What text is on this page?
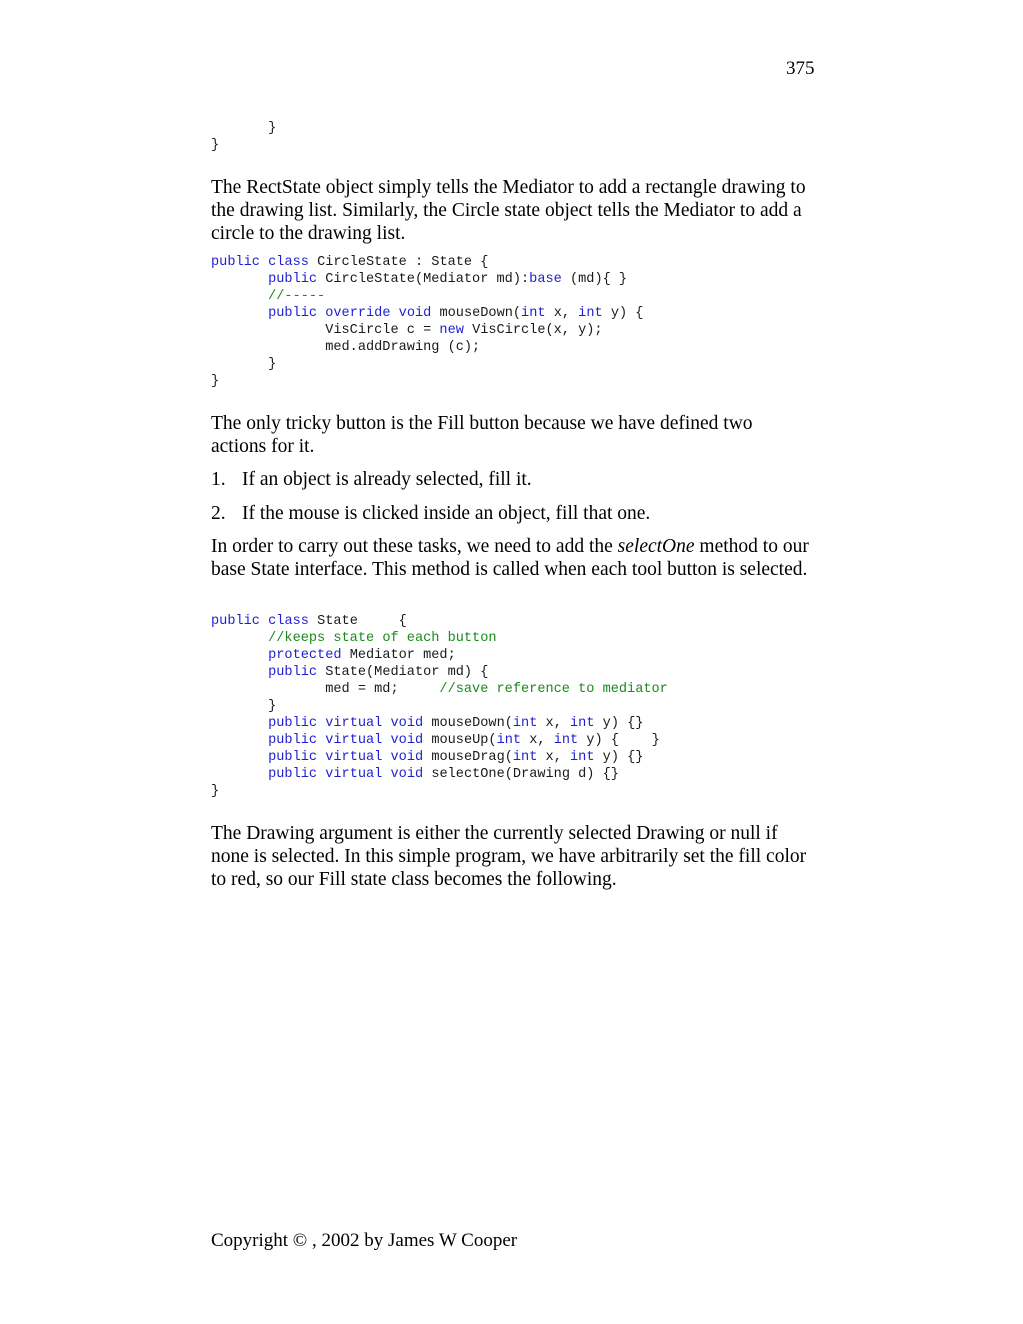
375
}
}

The RectState object simply tells the Mediator to add a rectangle drawing to the drawing list. Similarly, the Circle state object tells the Mediator to add a circle to the drawing list.

public class CircleState : State {
public CircleState(Mediator md):base (md){ }
//-----
public override void mouseDown(int x, int y) {
VisCircle c = new VisCircle(x, y);
med.addDrawing (c);
}
}

The only tricky button is the Fill button because we have defined two actions for it.

1. If an object is already selected, fill it.

2. If the mouse is clicked inside an object, fill that one.

In order to carry out these tasks, we need to add the selectOne method to our base State interface. This method is called when each tool button is selected.

public class State     {
//keeps state of each button
protected Mediator med;
public State(Mediator md) {
med = md;     //save reference to mediator
}
public virtual void mouseDown(int x, int y) {}
public virtual void mouseUp(int x, int y) {    }
public virtual void mouseDrag(int x, int y) {}
public virtual void selectOne(Drawing d) {}
}

The Drawing argument is either the currently selected Drawing or null if none is selected. In this simple program, we have arbitrarily set the fill color to red, so our Fill state class becomes the following.

Copyright © , 2002 by James W Cooper
